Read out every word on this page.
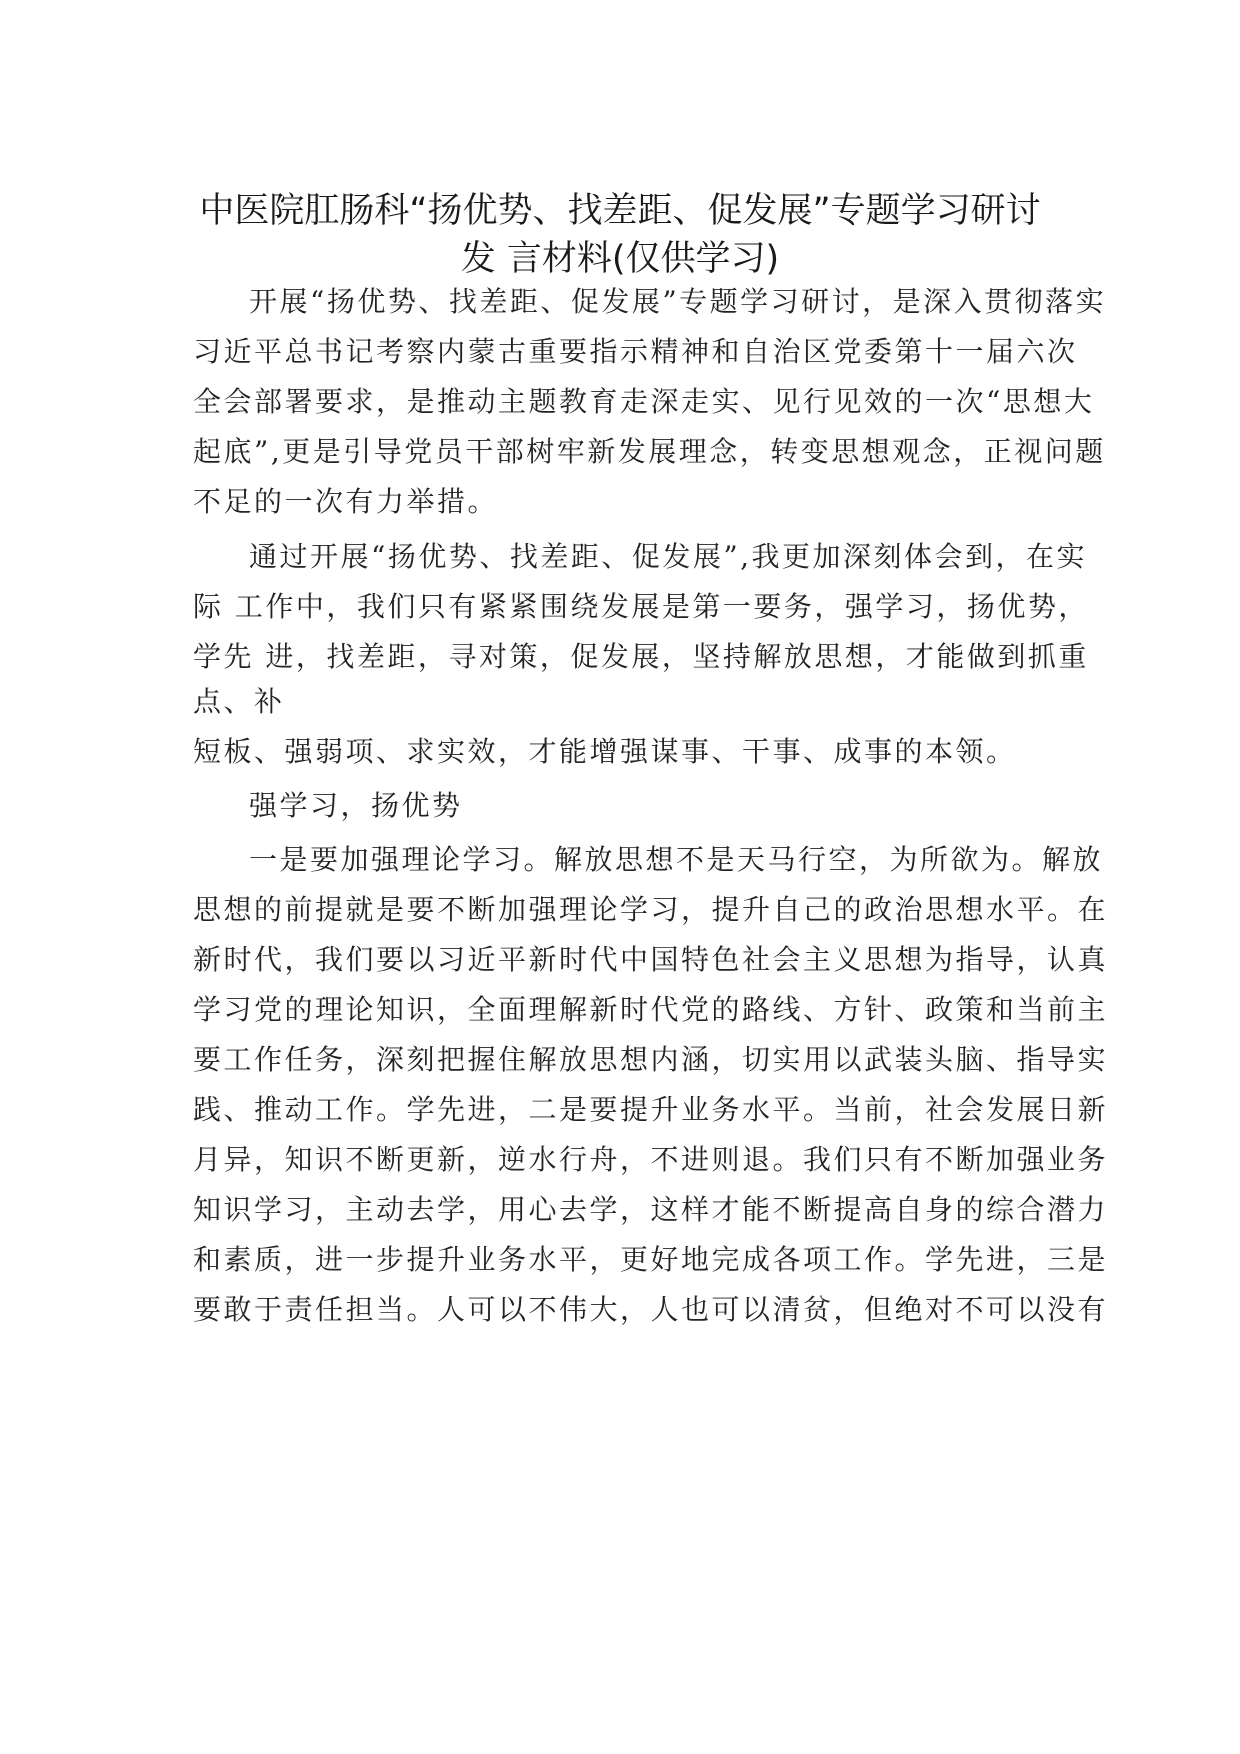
中医院肛肠科“扬优势、找差距、促发展”专题学习研讨
发 言材料(仅供学习)

开展“扬优势、找差距、促发展”专题学习研讨，是深入贯彻落实

习近平总书记考察内蒙古重要指示精神和自治区党委第十一届六次

全会部署要求，是推动主题教育走深走实、见行见效的一次“思想大

起底”,更是引导党员干部树牢新发展理念，转变思想观念，正视问题

不足的一次有力举措。

通过开展“扬优势、找差距、促发展”,我更加深刻体会到，在实

际 工作中，我们只有紧紧围绕发展是第一要务，强学习，扬优势，

学先 进，找差距，寻对策，促发展，坚持解放思想，才能做到抓重

点、补

短板、强弱项、求实效，才能增强谋事、干事、成事的本领。

强学习，扬优势

一是要加强理论学习。解放思想不是天马行空，为所欲为。解放

思想的前提就是要不断加强理论学习，提升自己的政治思想水平。在

新时代，我们要以习近平新时代中国特色社会主义思想为指导，认真

学习党的理论知识，全面理解新时代党的路线、方针、政策和当前主

要工作任务，深刻把握住解放思想内涵，切实用以武装头脑、指导实

践、推动工作。学先进，二是要提升业务水平。当前，社会发展日新

月异，知识不断更新，逆水行舟，不进则退。我们只有不断加强业务

知识学习，主动去学，用心去学，这样才能不断提高自身的综合潜力

和素质，进一步提升业务水平，更好地完成各项工作。学先进，三是

要敢于责任担当。人可以不伟大，人也可以清贫，但绝对不可以没有
